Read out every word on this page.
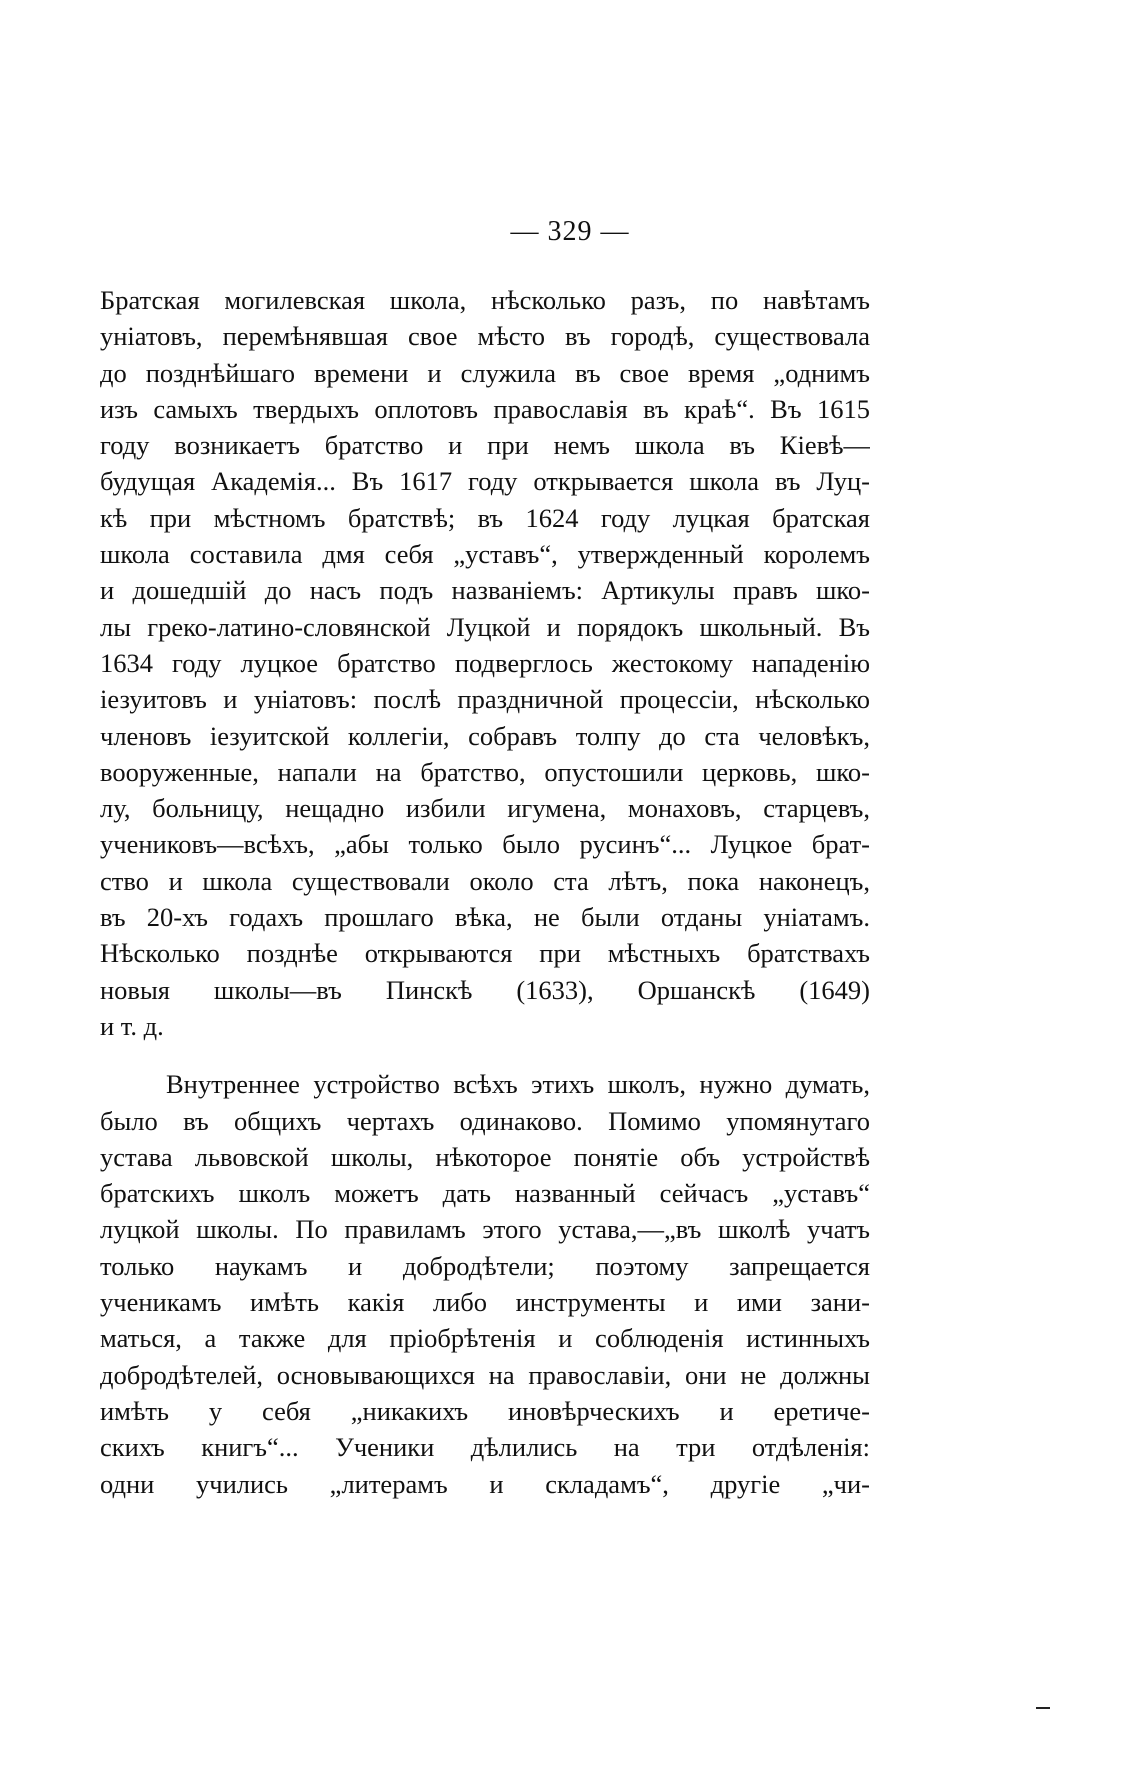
— 329 —
Братская могилевская школа, нѣсколько разъ, по навѣтамъ
уніатовъ, перемѣнявшая свое мѣсто въ городѣ, существовала
до позднѣйшаго времени и служила въ свое время „однимъ
изъ самыхъ твердыхъ оплотовъ православія въ краѣ“. Въ 1615
году возникаетъ братство и при немъ школа въ Кіевѣ—
будущая Академія... Въ 1617 году открывается школа въ Луц-
кѣ при мѣстномъ братствѣ; въ 1624 году луцкая братская
школа составила дмя себя „уставъ“, утвержденный королемъ
и дошедшій до насъ подъ названіемъ: Артикулы правъ шко-
лы греко-латино-словянской Луцкой и порядокъ школьный. Въ
1634 году луцкое братство подверглось жестокому нападенію
іезуитовъ и уніатовъ: послѣ праздничной процессіи, нѣсколько
членовъ іезуитской коллегіи, собравъ толпу до ста человѣкъ,
вооруженные, напали на братство, опустошили церковь, шко-
лу, больницу, нещадно избили игумена, монаховъ, старцевъ,
учениковъ—всѣхъ, „абы только было русинъ“... Луцкое брат-
ство и школа существовали около ста лѣтъ, пока наконецъ,
въ 20-хъ годахъ прошлаго вѣка, не были отданы уніатамъ.
Нѣсколько позднѣе открываются при мѣстныхъ братствахъ
новыя школы—въ Пинскѣ (1633), Оршанскѣ (1649)
и т. д.
Внутреннее устройство всѣхъ этихъ школъ, нужно думать,
было въ общихъ чертахъ одинаково. Помимо упомянутаго
устава львовской школы, нѣкоторое понятіе объ устройствѣ
братскихъ школъ можетъ дать названный сейчасъ „уставъ“
луцкой школы. По правиламъ этого устава,—„въ школѣ учатъ
только наукамъ и добродѣтели; поэтому запрещается
ученикамъ имѣть какія либо инструменты и ими зани-
маться, а также для пріобрѣтенія и соблюденія истинныхъ
добродѣтелей, основывающихся на православіи, они не должны
имѣть у себя „никакихъ иновѣрческихъ и еретиче-
скихъ книгъ“... Ученики дѣлились на три отдѣленія:
одни учились „литерамъ и складамъ“, другіе „чи-
